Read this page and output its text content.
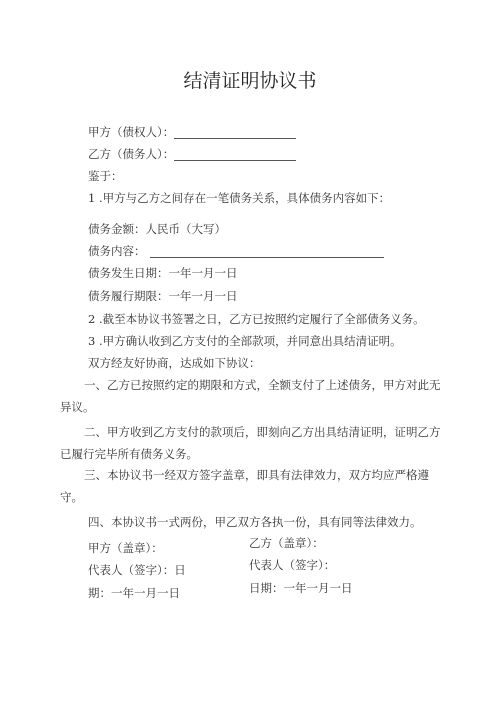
结清证明协议书
甲方（债权人）：
乙方（债务人）：
鉴于：
1 .甲方与乙方之间存在一笔债务关系，具体债务内容如下：
债务金额：人民币（大写）
债务内容：
债务发生日期：一年一月一日
债务履行期限：一年一月一日
2 .截至本协议书签署之日，乙方已按照约定履行了全部债务义务。
3 .甲方确认收到乙方支付的全部款项，并同意出具结清证明。
双方经友好协商，达成如下协议：
一、乙方已按照约定的期限和方式，全额支付了上述债务，甲方对此无异议。
二、甲方收到乙方支付的款项后，即刻向乙方出具结清证明，证明乙方已履行完毕所有债务义务。
三、本协议书一经双方签字盖章，即具有法律效力，双方均应严格遵守。
四、本协议书一式两份，甲乙双方各执一份，具有同等法律效力。
甲方（盖章）：
代表人（签字）：日
期：一年一月一日
乙方（盖章）：
代表人（签字）：
日期：一年一月一日
